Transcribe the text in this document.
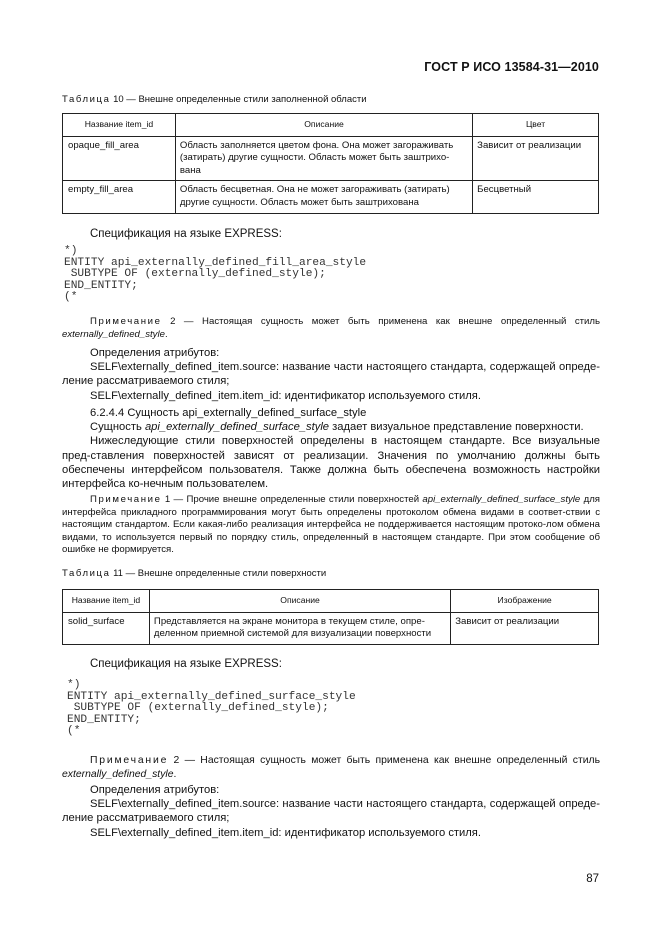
ГОСТ Р ИСО 13584-31—2010
Таблица 10 — Внешне определенные стили заполненной области
Название item_id	Описание	Цвет
opaque_fill_area	Область заполняется цветом фона. Она может загораживать (затирать) другие сущности. Область может быть заштрихо-вана	Зависит от реализации
empty_fill_area	Область бесцветная. Она не может загораживать (затирать) другие сущности. Область может быть заштрихована	Бесцветный
Спецификация на языке EXPRESS:
*)
ENTITY api_externally_defined_fill_area_style
SUBTYPE OF (externally_defined_style);
END_ENTITY;
(*

Примечание 2 — Настоящая сущность может быть применена как внешне определенный стиль externally_defined_style.

Определения атрибутов:

SELF\externally_defined_item.source: название части настоящего стандарта, содержащей опреде-ление рассматриваемого стиля;

SELF\externally_defined_item.item_id: идентификатор используемого стиля.

6.2.4.4 Сущность api_externally_defined_surface_style

Сущность api_externally_defined_surface_style задает визуальное представление поверхности.

Нижеследующие стили поверхностей определены в настоящем стандарте. Все визуальные пред-ставления поверхностей зависят от реализации. Значения по умолчанию должны быть обеспечены интерфейсом пользователя. Также должна быть обеспечена возможность настройки интерфейса ко-нечным пользователем.

Примечание 1 — Прочие внешне определенные стили поверхностей api_externally_defined_surface_style для интерфейса прикладного программирования могут быть определены протоколом обмена видами в соответ-ствии с настоящим стандартом. Если какая-либо реализация интерфейса не поддерживается настоящим протоко-лом обмена видами, то используется первый по порядку стиль, определенный в настоящем стандарте. При этом сообщение об ошибке не формируется.

Таблица 11 — Внешне определенные стили поверхности
Название item_id	Описание	Изображение
solid_surface	Представляется на экране монитора в текущем стиле, опре-деленном приемной системой для визуализации поверхности	Зависит от реализации
Спецификация на языке EXPRESS:
*)
ENTITY api_externally_defined_surface_style
SUBTYPE OF (externally_defined_style);
END_ENTITY;
(*

Примечание 2 — Настоящая сущность может быть применена как внешне определенный стиль externally_defined_style.

Определения атрибутов:

SELF\externally_defined_item.source: название части настоящего стандарта, содержащей опреде-ление рассматриваемого стиля;

SELF\externally_defined_item.item_id: идентификатор используемого стиля.

87
